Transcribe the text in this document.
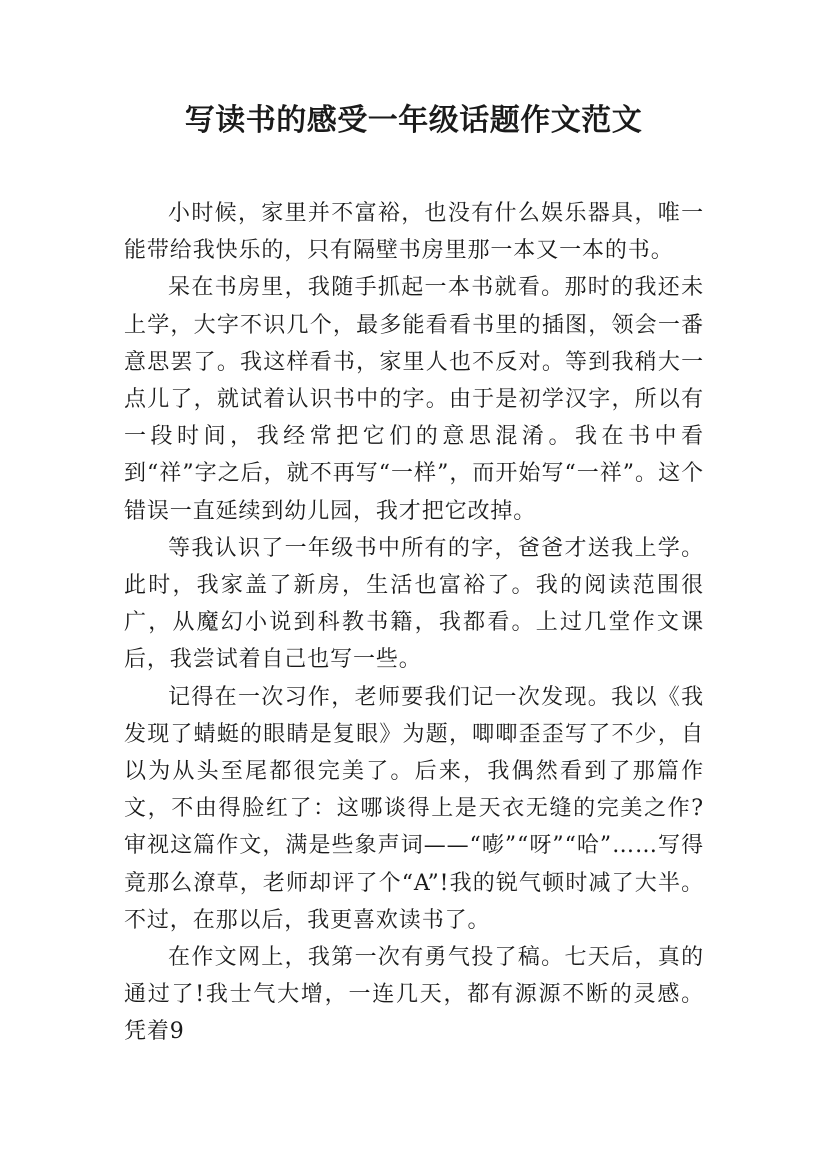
写读书的感受一年级话题作文范文

小时候，家里并不富裕，也没有什么娱乐器具，唯一能带给我快乐的，只有隔壁书房里那一本又一本的书。

呆在书房里，我随手抓起一本书就看。那时的我还未上学，大字不识几个，最多能看看书里的插图，领会一番意思罢了。我这样看书，家里人也不反对。等到我稍大一点儿了，就试着认识书中的字。由于是初学汉字，所以有一段时间，我经常把它们的意思混淆。我在书中看到“祥”字之后，就不再写“一样”，而开始写“一祥”。这个错误一直延续到幼儿园，我才把它改掉。

等我认识了一年级书中所有的字，爸爸才送我上学。此时，我家盖了新房，生活也富裕了。我的阅读范围很广，从魔幻小说到科教书籍，我都看。上过几堂作文课后，我尝试着自己也写一些。

记得在一次习作，老师要我们记一次发现。我以《我发现了蜻蜓的眼睛是复眼》为题，唧唧歪歪写了不少，自以为从头至尾都很完美了。后来，我偶然看到了那篇作文，不由得脸红了：这哪谈得上是天衣无缝的完美之作?审视这篇作文，满是些象声词——“嘭”“呀”“哈”……写得竟那么潦草，老师却评了个“A”!我的锐气顿时减了大半。不过，在那以后，我更喜欢读书了。

在作文网上，我第一次有勇气投了稿。七天后，真的通过了!我士气大增，一连几天，都有源源不断的灵感。凭着9
